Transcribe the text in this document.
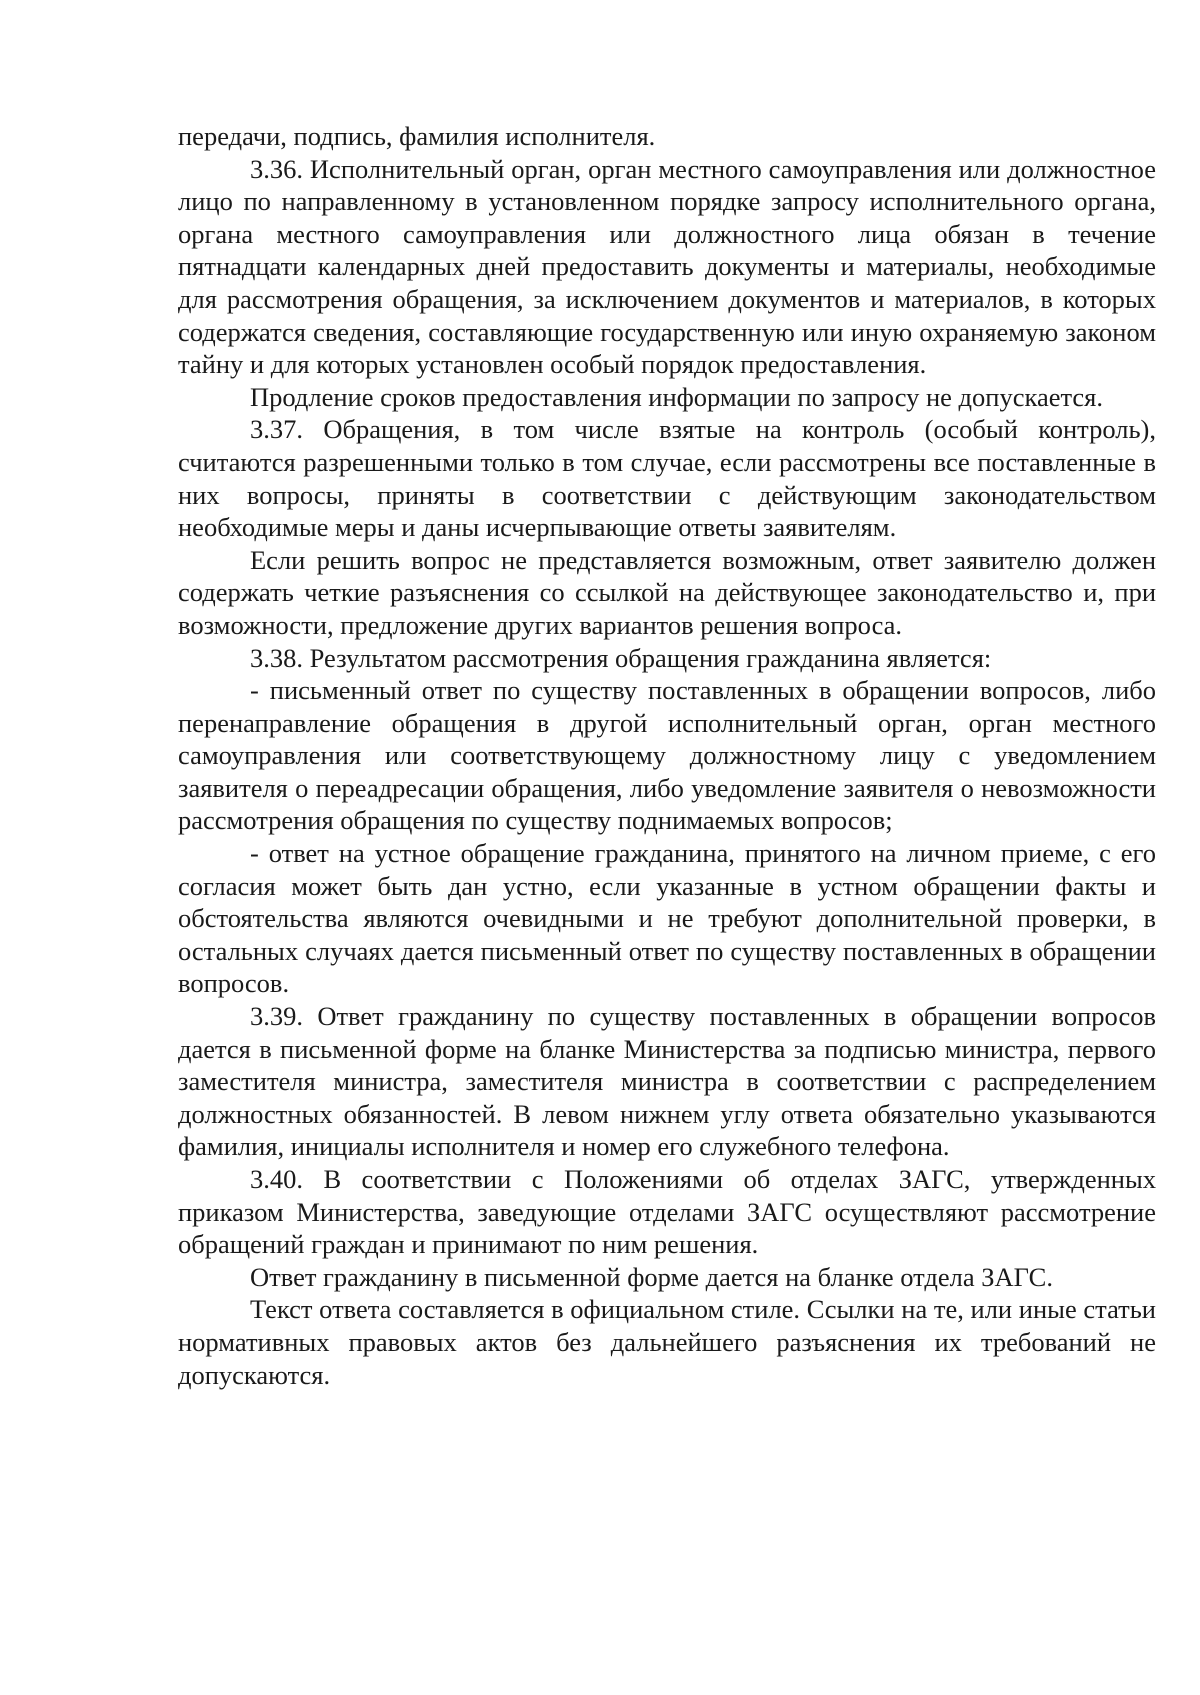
передачи, подпись, фамилия исполнителя.

3.36. Исполнительный орган, орган местного самоуправления или должностное лицо по направленному в установленном порядке запросу исполнительного органа, органа местного самоуправления или должностного лица обязан в течение пятнадцати календарных дней предоставить документы и материалы, необходимые для рассмотрения обращения, за исключением документов и материалов, в которых содержатся сведения, составляющие государственную или иную охраняемую законом тайну и для которых установлен особый порядок предоставления.

Продление сроков предоставления информации по запросу не допускается.

3.37. Обращения, в том числе взятые на контроль (особый контроль), считаются разрешенными только в том случае, если рассмотрены все поставленные в них вопросы, приняты в соответствии с действующим законодательством необходимые меры и даны исчерпывающие ответы заявителям.

Если решить вопрос не представляется возможным, ответ заявителю должен содержать четкие разъяснения со ссылкой на действующее законодательство и, при возможности, предложение других вариантов решения вопроса.

3.38. Результатом рассмотрения обращения гражданина является:

- письменный ответ по существу поставленных в обращении вопросов, либо перенаправление обращения в другой исполнительный орган, орган местного самоуправления или соответствующему должностному лицу с уведомлением заявителя о переадресации обращения, либо уведомление заявителя о невозможности рассмотрения обращения по существу поднимаемых вопросов;

- ответ на устное обращение гражданина, принятого на личном приеме, с его согласия может быть дан устно, если указанные в устном обращении факты и обстоятельства являются очевидными и не требуют дополнительной проверки, в остальных случаях дается письменный ответ по существу поставленных в обращении вопросов.

3.39. Ответ гражданину по существу поставленных в обращении вопросов дается в письменной форме на бланке Министерства за подписью министра, первого заместителя министра, заместителя министра в соответствии с распределением должностных обязанностей. В левом нижнем углу ответа обязательно указываются фамилия, инициалы исполнителя и номер его служебного телефона.

3.40. В соответствии с Положениями об отделах ЗАГС, утвержденных приказом Министерства, заведующие отделами ЗАГС осуществляют рассмотрение обращений граждан и принимают по ним решения.

Ответ гражданину в письменной форме дается на бланке отдела ЗАГС.

Текст ответа составляется в официальном стиле. Ссылки на те, или иные статьи нормативных правовых актов без дальнейшего разъяснения их требований не допускаются.
